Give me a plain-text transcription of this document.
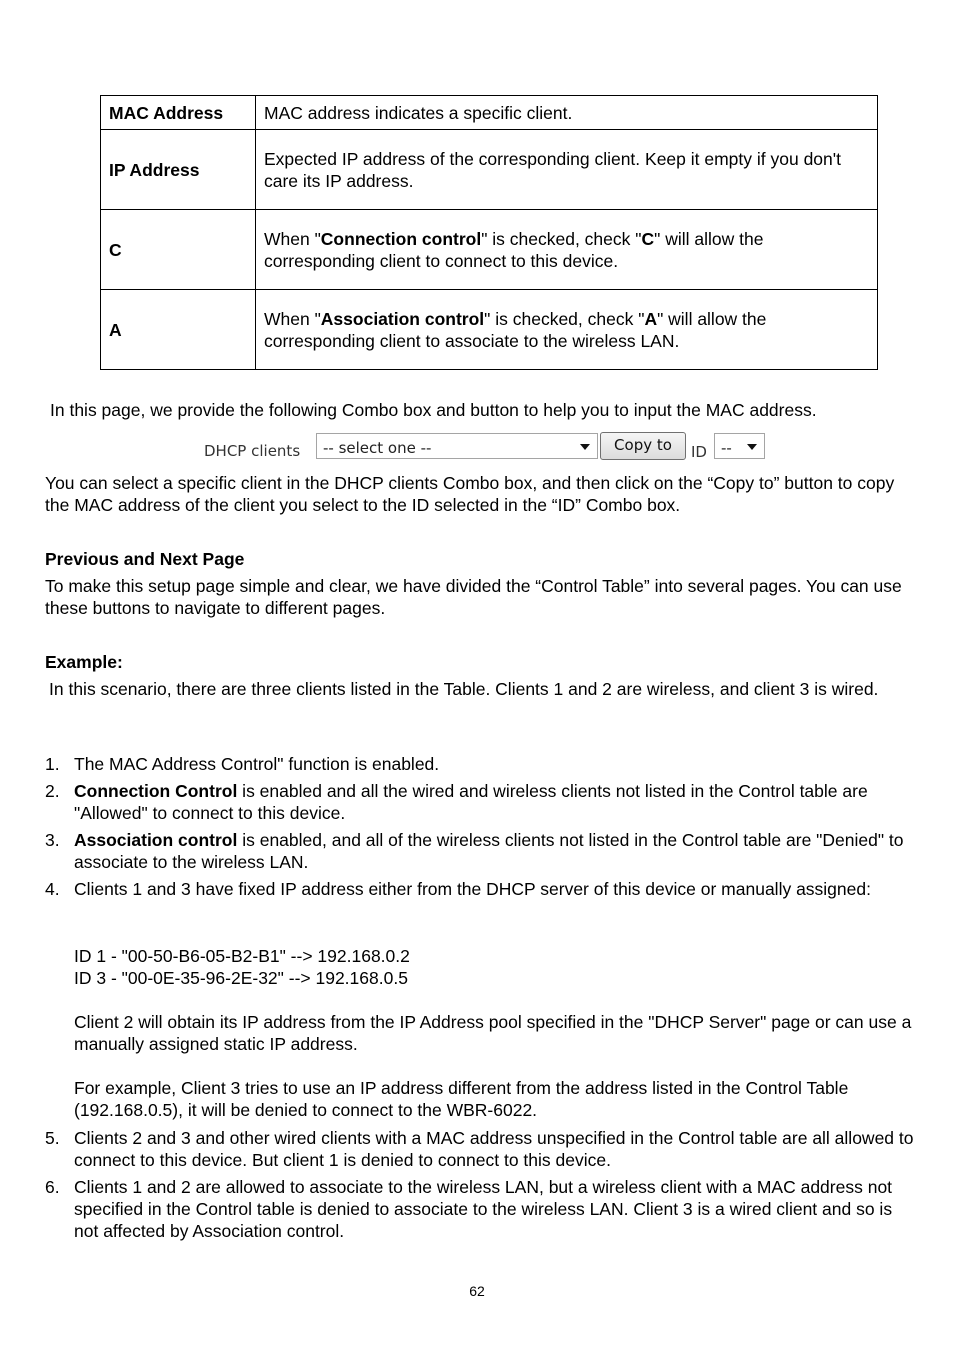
MAC Address	MAC address indicates a specific client.
IP Address	Expected IP address of the corresponding client. Keep it empty if you don't care its IP address.
C	When "Connection control" is checked, check "C" will allow the corresponding client to connect to this device.
A	When "Association control" is checked, check "A" will allow the corresponding client to associate to the wireless LAN.
In this page, we provide the following Combo box and button to help you to input the MAC address.
DHCP clients -- select one --	Copy to	ID --
You can select a specific client in the DHCP clients Combo box, and then click on the “Copy to” button to copy the MAC address of the client you select to the ID selected in the “ID” Combo box.
Previous and Next Page
To make this setup page simple and clear, we have divided the “Control Table” into several pages. You can use these buttons to navigate to different pages.
Example:
In this scenario, there are three clients listed in the Table. Clients 1 and 2 are wireless, and client 3 is wired.
1. The MAC Address Control" function is enabled.
2. Connection Control is enabled and all the wired and wireless clients not listed in the Control table are "Allowed" to connect to this device.
3. Association control is enabled, and all of the wireless clients not listed in the Control table are "Denied" to associate to the wireless LAN.
4. Clients 1 and 3 have fixed IP address either from the DHCP server of this device or manually assigned:
ID 1 - "00-50-B6-05-B2-B1" --> 192.168.0.2
ID 3 - "00-0E-35-96-2E-32" --> 192.168.0.5
Client 2 will obtain its IP address from the IP Address pool specified in the "DHCP Server" page or can use a manually assigned static IP address.
For example, Client 3 tries to use an IP address different from the address listed in the Control Table (192.168.0.5), it will be denied to connect to the WBR-6022.
5. Clients 2 and 3 and other wired clients with a MAC address unspecified in the Control table are all allowed to connect to this device. But client 1 is denied to connect to this device.
6. Clients 1 and 2 are allowed to associate to the wireless LAN, but a wireless client with a MAC address not specified in the Control table is denied to associate to the wireless LAN. Client 3 is a wired client and so is not affected by Association control.
62
